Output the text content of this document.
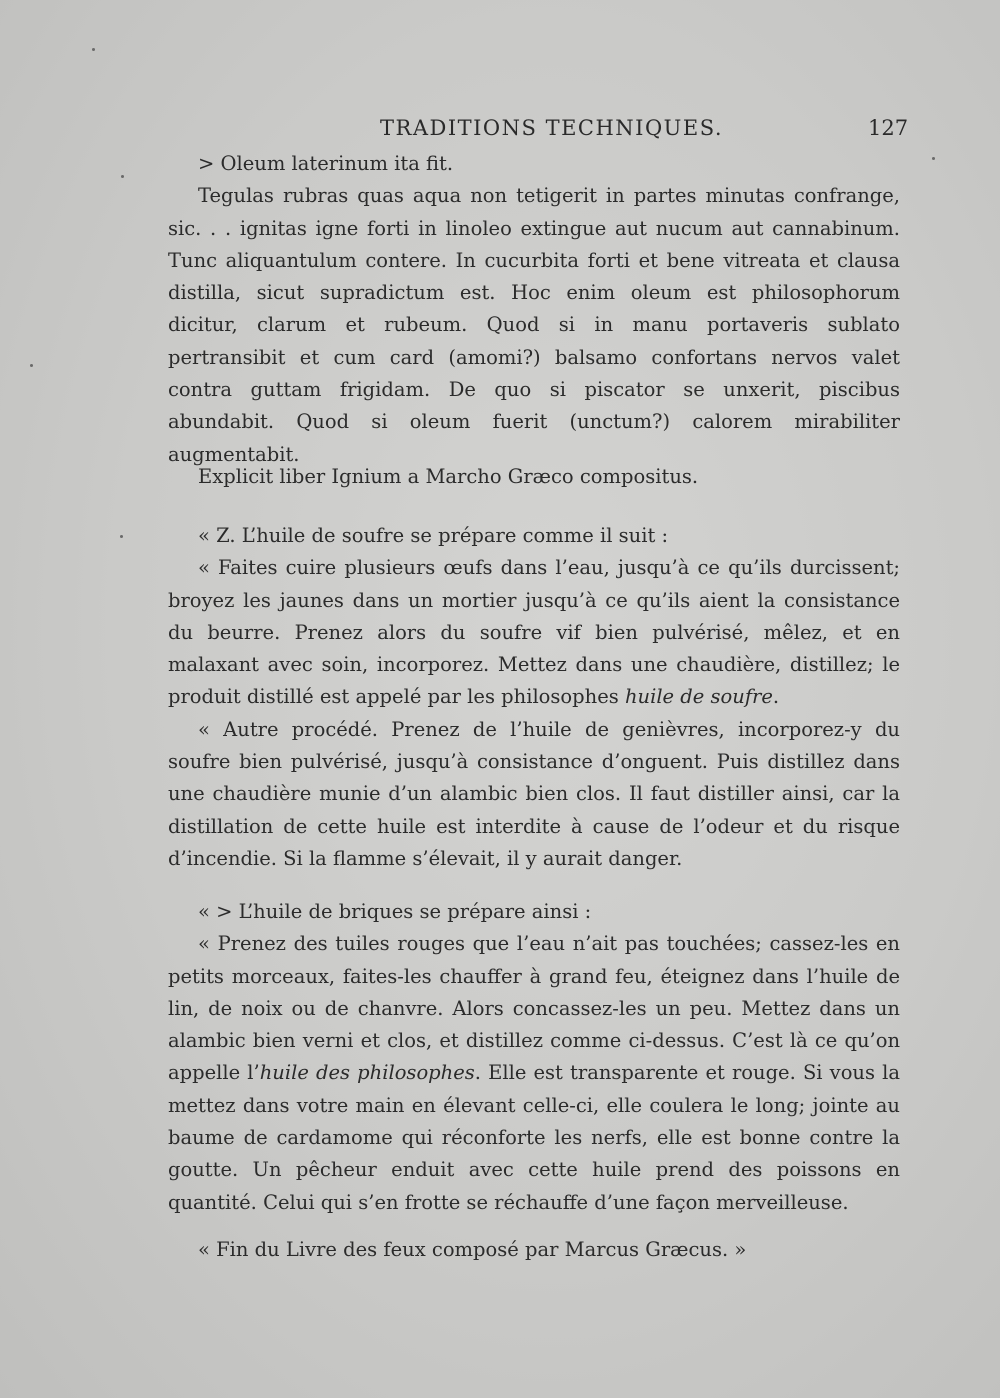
TRADITIONS TECHNIQUES.	127

> Oleum laterinum ita fit.

Tegulas rubras quas aqua non tetigerit in partes minutas confrange, sic. . . ignitas igne forti in linoleo extingue aut nucum aut cannabinum. Tunc aliquantulum contere. In cucurbita forti et bene vitreata et clausa distilla, sicut supradictum est. Hoc enim oleum est philosophorum dicitur, clarum et rubeum. Quod si in manu portaveris sublato pertransibit et cum card (amomi?) balsamo confortans nervos valet contra guttam frigidam. De quo si piscator se unxerit, piscibus abundabit. Quod si oleum fuerit (unctum?) calorem mirabiliter augmentabit.

Explicit liber Ignium a Marcho Græco compositus.

« Z. L’huile de soufre se prépare comme il suit :

« Faites cuire plusieurs œufs dans l’eau, jusqu’à ce qu’ils durcissent; broyez les jaunes dans un mortier jusqu’à ce qu’ils aient la consistance du beurre. Prenez alors du soufre vif bien pulvérisé, mêlez, et en malaxant avec soin, incorporez. Mettez dans une chaudière, distillez; le produit distillé est appelé par les philosophes huile de soufre.

« Autre procédé. Prenez de l’huile de genièvres, incorporez-y du soufre bien pulvérisé, jusqu’à consistance d’onguent. Puis distillez dans une chaudière munie d’un alambic bien clos. Il faut distiller ainsi, car la distillation de cette huile est interdite à cause de l’odeur et du risque d’incendie. Si la flamme s’élevait, il y aurait danger.

« > L’huile de briques se prépare ainsi :

« Prenez des tuiles rouges que l’eau n’ait pas touchées; cassez-les en petits morceaux, faites-les chauffer à grand feu, éteignez dans l’huile de lin, de noix ou de chanvre. Alors concassez-les un peu. Mettez dans un alambic bien verni et clos, et distillez comme ci-dessus. C’est là ce qu’on appelle l’huile des philosophes. Elle est transparente et rouge. Si vous la mettez dans votre main en élevant celle-ci, elle coulera le long; jointe au baume de cardamome qui réconforte les nerfs, elle est bonne contre la goutte. Un pêcheur enduit avec cette huile prend des poissons en quantité. Celui qui s’en frotte se réchauffe d’une façon merveilleuse.

« Fin du Livre des feux composé par Marcus Græcus. »
